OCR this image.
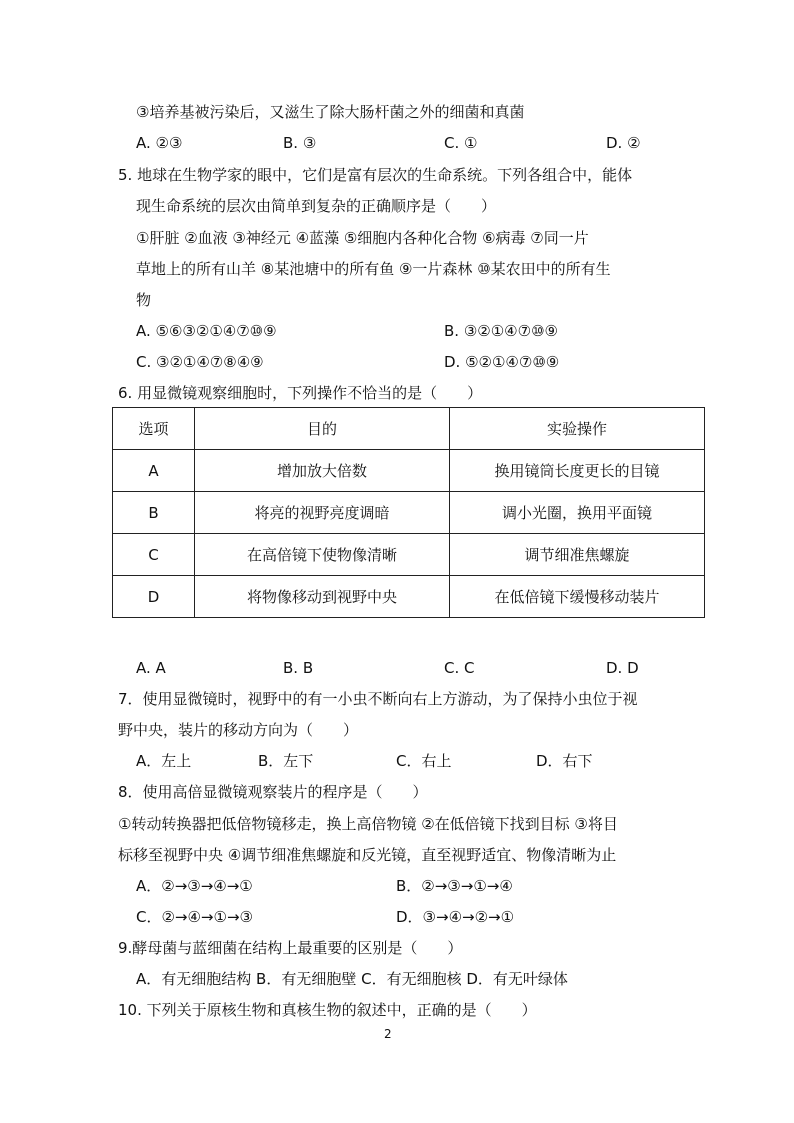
③培养基被污染后，又滋生了除大肠杆菌之外的细菌和真菌
A. ②③	B. ③	C. ①	D. ②
5. 地球在生物学家的眼中，它们是富有层次的生命系统。下列各组合中，能体
现生命系统的层次由简单到复杂的正确顺序是（　　）
①肝脏 ②血液 ③神经元 ④蓝藻 ⑤细胞内各种化合物 ⑥病毒 ⑦同一片
草地上的所有山羊 ⑧某池塘中的所有鱼 ⑨一片森林 ⑩某农田中的所有生
物
A. ⑤⑥③②①④⑦⑩⑨	B. ③②①④⑦⑩⑨
C. ③②①④⑦⑧④⑨	D. ⑤②①④⑦⑩⑨
6. 用显微镜观察细胞时，下列操作不恰当的是（　　）
选项	目的	实验操作
A	增加放大倍数	换用镜筒长度更长的目镜
B	将亮的视野亮度调暗	调小光圈，换用平面镜
C	在高倍镜下使物像清晰	调节细准焦螺旋
D	将物像移动到视野中央	在低倍镜下缓慢移动装片
A. A	B. B	C. C	D. D
7．使用显微镜时，视野中的有一小虫不断向右上方游动，为了保持小虫位于视
野中央，装片的移动方向为（　　）
A．左上	B．左下	C．右上	D．右下
8．使用高倍显微镜观察装片的程序是（　　）
①转动转换器把低倍物镜移走，换上高倍物镜 ②在低倍镜下找到目标 ③将目
标移至视野中央 ④调节细准焦螺旋和反光镜，直至视野适宜、物像清晰为止
A．②→③→④→①	B．②→③→①→④
C．②→④→①→③	D．③→④→②→①
9.酵母菌与蓝细菌在结构上最重要的区别是（　　）
A．有无细胞结构 B．有无细胞壁 C．有无细胞核 D．有无叶绿体
10. 下列关于原核生物和真核生物的叙述中，正确的是（　　）
2
